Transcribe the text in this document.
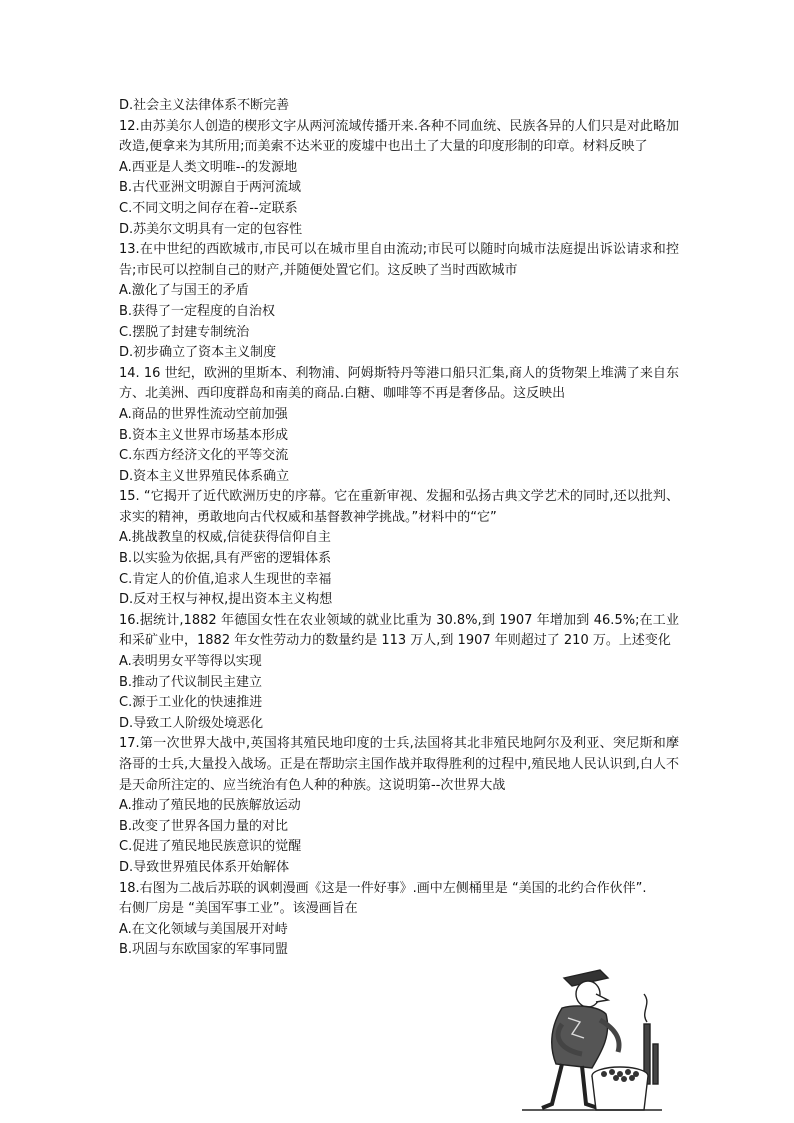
D.社会主义法律体系不断完善
12.由苏美尔人创造的楔形文字从两河流域传播开来.各种不同血统、民族各异的人们只是对此略加改造,便拿来为其所用;而美索不达米亚的废墟中也出土了大量的印度形制的印章。材料反映了
A.西亚是人类文明唯--的发源地
B.古代亚洲文明源自于两河流域
C.不同文明之间存在着--定联系
D.苏美尔文明具有一定的包容性
13.在中世纪的西欧城市,市民可以在城市里自由流动;市民可以随时向城市法庭提出诉讼请求和控告;市民可以控制自己的财产,并随便处置它们。这反映了当时西欧城市
A.激化了与国王的矛盾
B.获得了一定程度的自治权
C.摆脱了封建专制统治
D.初步确立了资本主义制度
14. 16 世纪，欧洲的里斯本、利物浦、阿姆斯特丹等港口船只汇集,商人的货物架上堆满了来自东方、北美洲、西印度群岛和南美的商品.白糖、咖啡等不再是奢侈品。这反映出
A.商品的世界性流动空前加强
B.资本主义世界市场基本形成
C.东西方经济文化的平等交流
D.资本主义世界殖民体系确立
15. “它揭开了近代欧洲历史的序幕。它在重新审视、发掘和弘扬古典文学艺术的同时,还以批判、求实的精神，勇敢地向古代权威和基督教神学挑战。”材料中的“它”
A.挑战教皇的权威,信徒获得信仰自主
B.以实验为依据,具有严密的逻辑体系
C.肯定人的价值,追求人生现世的幸福
D.反对王权与神权,提出资本主义构想
16.据统计,1882 年德国女性在农业领域的就业比重为 30.8%,到 1907 年增加到 46.5%;在工业和采矿业中，1882 年女性劳动力的数量约是 113 万人,到 1907 年则超过了 210 万。上述变化
A.表明男女平等得以实现
B.推动了代议制民主建立
C.源于工业化的快速推进
D.导致工人阶级处境恶化
17.第一次世界大战中,英国将其殖民地印度的士兵,法国将其北非殖民地阿尔及利亚、突尼斯和摩洛哥的士兵,大量投入战场。正是在帮助宗主国作战并取得胜利的过程中,殖民地人民认识到,白人不是天命所注定的、应当统治有色人种的种族。这说明第--次世界大战
A.推动了殖民地的民族解放运动
B.改变了世界各国力量的对比
C.促进了殖民地民族意识的觉醒
D.导致世界殖民体系开始解体
18.右图为二战后苏联的讽刺漫画《这是一件好事》.画中左侧桶里是 “美国的北约合作伙伴”.右侧厂房是 “美国军事工业”。该漫画旨在
A.在文化领域与美国展开对峙
B.巩固与东欧国家的军事同盟
